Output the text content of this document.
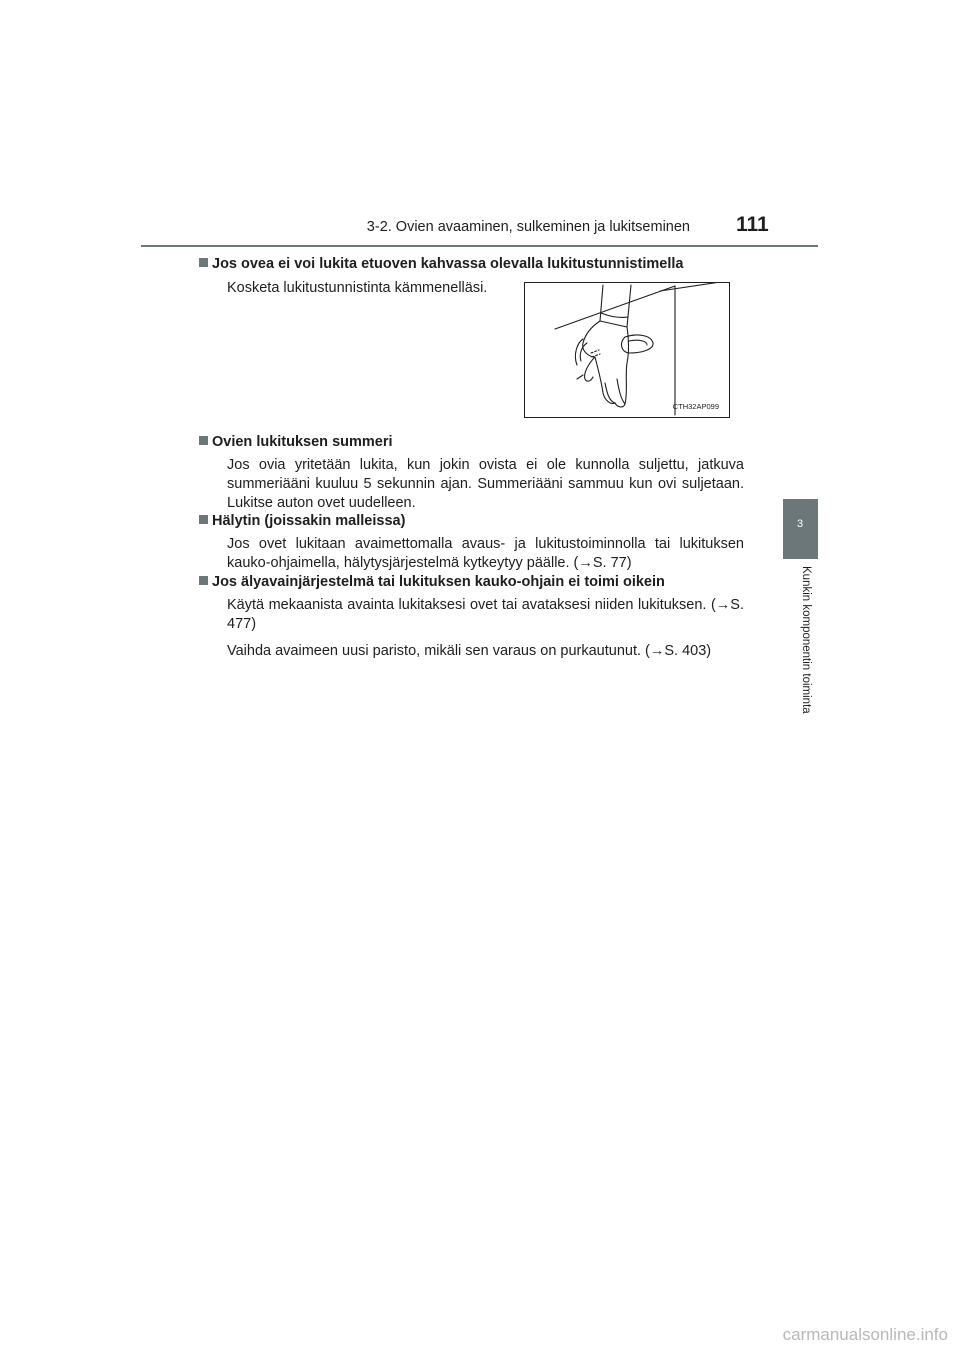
3-2. Ovien avaaminen, sulkeminen ja lukitseminen 111
3
Kunkin komponentin toiminta
Jos ovea ei voi lukita etuoven kahvassa olevalla lukitustunnistimella

Kosketa lukitustunnistinta kämmenelläsi.

CTH32AP099
Ovien lukituksen summeri

Jos ovia yritetään lukita, kun jokin ovista ei ole kunnolla suljettu, jatkuva summeriääni kuuluu 5 sekunnin ajan. Summeriääni sammuu kun ovi suljetaan. Lukitse auton ovet uudelleen.

Hälytin (joissakin malleissa)

Jos ovet lukitaan avaimettomalla avaus- ja lukitustoiminnolla tai lukituksen kauko-ohjaimella, hälytysjärjestelmä kytkeytyy päälle. (→S. 77)

Jos älyavainjärjestelmä tai lukituksen kauko-ohjain ei toimi oikein

Käytä mekaanista avainta lukitaksesi ovet tai avataksesi niiden lukituksen. (→S. 477)

Vaihda avaimeen uusi paristo, mikäli sen varaus on purkautunut. (→S. 403)

carmanualsonline.info
